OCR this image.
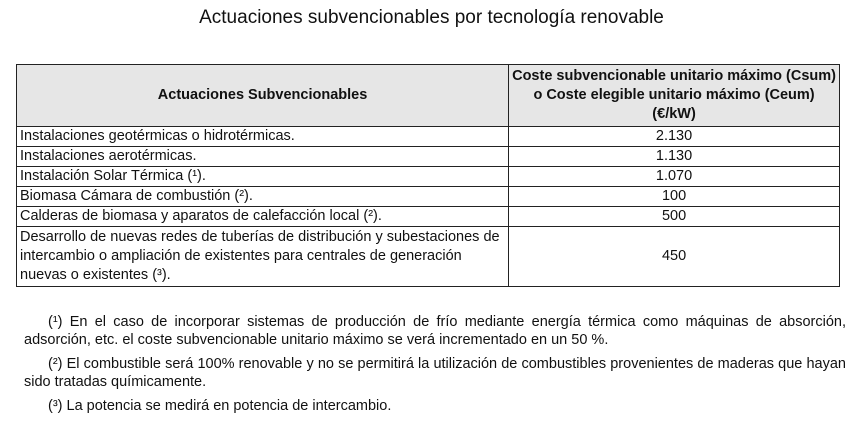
Actuaciones subvencionables por tecnología renovable
Actuaciones Subvencionables	Coste subvencionable unitario máximo (Csum) o Coste elegible unitario máximo (Ceum) (€/kW)
Instalaciones geotérmicas o hidrotérmicas.	2.130
Instalaciones aerotérmicas.	1.130
Instalación Solar Térmica (¹).	1.070
Biomasa Cámara de combustión (²).	100
Calderas de biomasa y aparatos de calefacción local (²).	500
Desarrollo de nuevas redes de tuberías de distribución y subestaciones de intercambio o ampliación de existentes para centrales de generación nuevas o existentes (³).	450

(¹) En el caso de incorporar sistemas de producción de frío mediante energía térmica como máquinas de absorción, adsorción, etc. el coste subvencionable unitario máximo se verá incrementado en un 50 %.

(²) El combustible será 100% renovable y no se permitirá la utilización de combustibles provenientes de maderas que hayan sido tratadas químicamente.

(³) La potencia se medirá en potencia de intercambio.
